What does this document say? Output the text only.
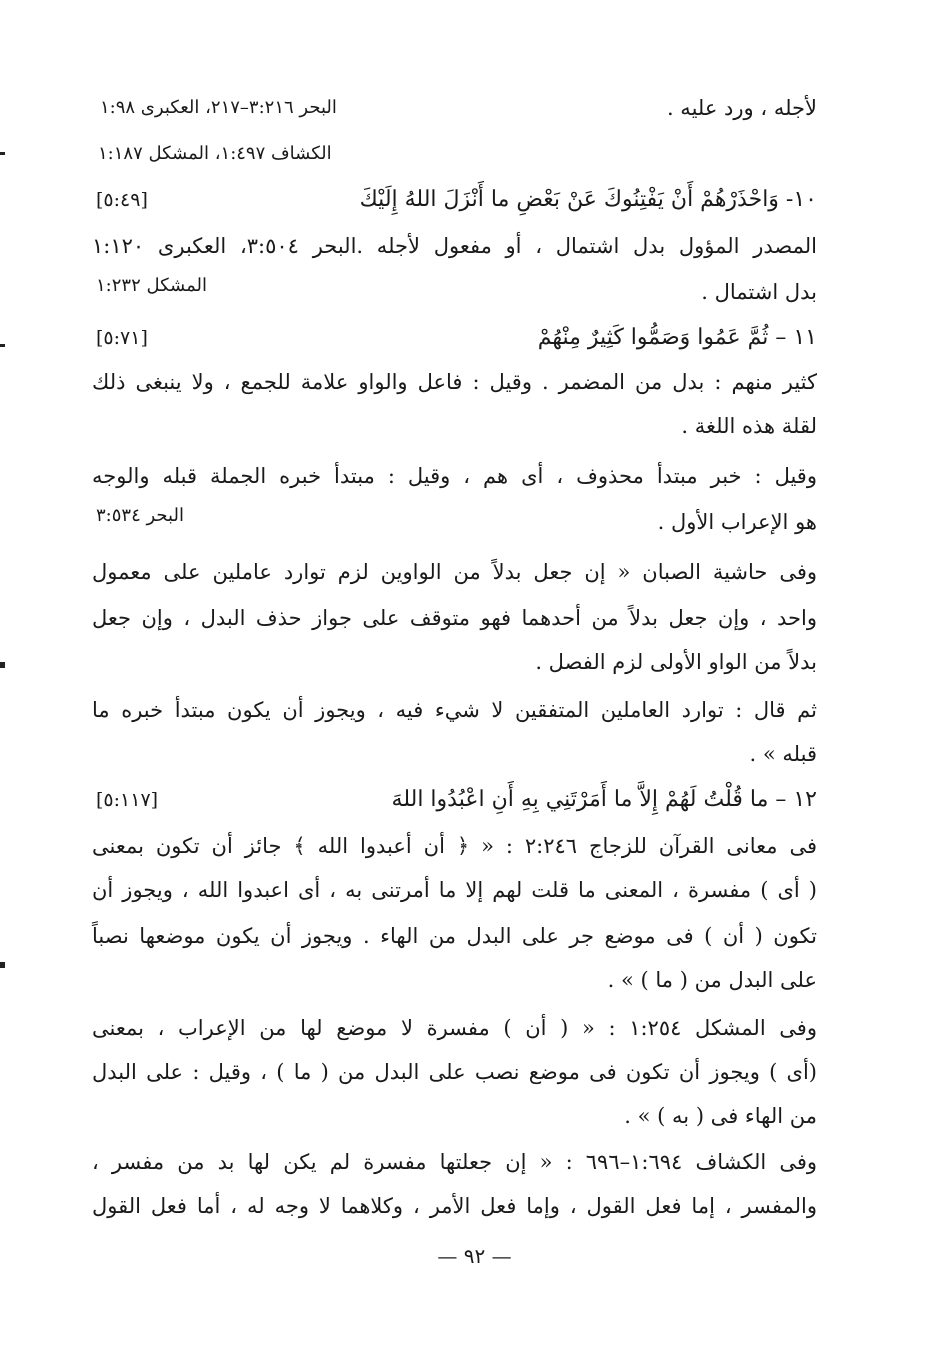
لأجله ، ورد عليه .
البحر ٣:٢١٦–٢١٧، العكبرى ١:٩٨
الكشاف ١:٤٩٧، المشكل ١:١٨٧
١٠- وَاحْذَرْهُمْ أَنْ يَفْتِنُوكَ عَنْ بَعْضِ ما أَنْزَلَ اللهُ إِلَيْكَ
[٥:٤٩]
المصدر المؤول بدل اشتمال ، أو مفعول لأجله .البحر ٣:٥٠٤، العكبرى ١:١٢٠
بدل اشتمال .
المشكل ١:٢٣٢
١١ – ثُمَّ عَمُوا وَصَمُّوا كَثِيرٌ مِنْهُمْ
[٥:٧١]
كثير منهم : بدل من المضمر . وقيل : فاعل والواو علامة للجمع ، ولا ينبغى ذلك
لقلة هذه اللغة .
وقيل : خبر مبتدأ محذوف ، أى هم ، وقيل : مبتدأ خبره الجملة قبله والوجه
هو الإعراب الأول .
البحر ٣:٥٣٤
وفى حاشية الصبان « إن جعل بدلاً من الواوين لزم توارد عاملين على معمول
واحد ، وإن جعل بدلاً من أحدهما فهو متوقف على جواز حذف البدل ، وإن جعل
بدلاً من الواو الأولى لزم الفصل .
ثم قال : توارد العاملين المتفقين لا شيء فيه ، ويجوز أن يكون مبتدأ خبره ما
قبله » .
١٢ – ما قُلْتُ لَهُمْ إِلاَّ ما أَمَرْتَنِي بِهِ أَنِ اعْبُدُوا اللهَ
[٥:١١٧]
فى معانى القرآن للزجاج ٢:٢٤٦ : « ﴿ أن أعبدوا الله ﴾ جائز أن تكون بمعنى
( أى ) مفسرة ، المعنى ما قلت لهم إلا ما أمرتنى به ، أى اعبدوا الله ، ويجوز أن
تكون ( أن ) فى موضع جر على البدل من الهاء . ويجوز أن يكون موضعها نصباً
على البدل من ( ما ) » .
وفى المشكل ١:٢٥٤ : « ( أن ) مفسرة لا موضع لها من الإعراب ، بمعنى
(أى ) ويجوز أن تكون فى موضع نصب على البدل من ( ما ) ، وقيل : على البدل
من الهاء فى ( به ) » .
وفى الكشاف ١:٦٩٤–٦٩٦ : « إن جعلتها مفسرة لم يكن لها بد من مفسر ،
والمفسر ، إما فعل القول ، وإما فعل الأمر ، وكلاهما لا وجه له ، أما فعل القول
— ٩٢ —
